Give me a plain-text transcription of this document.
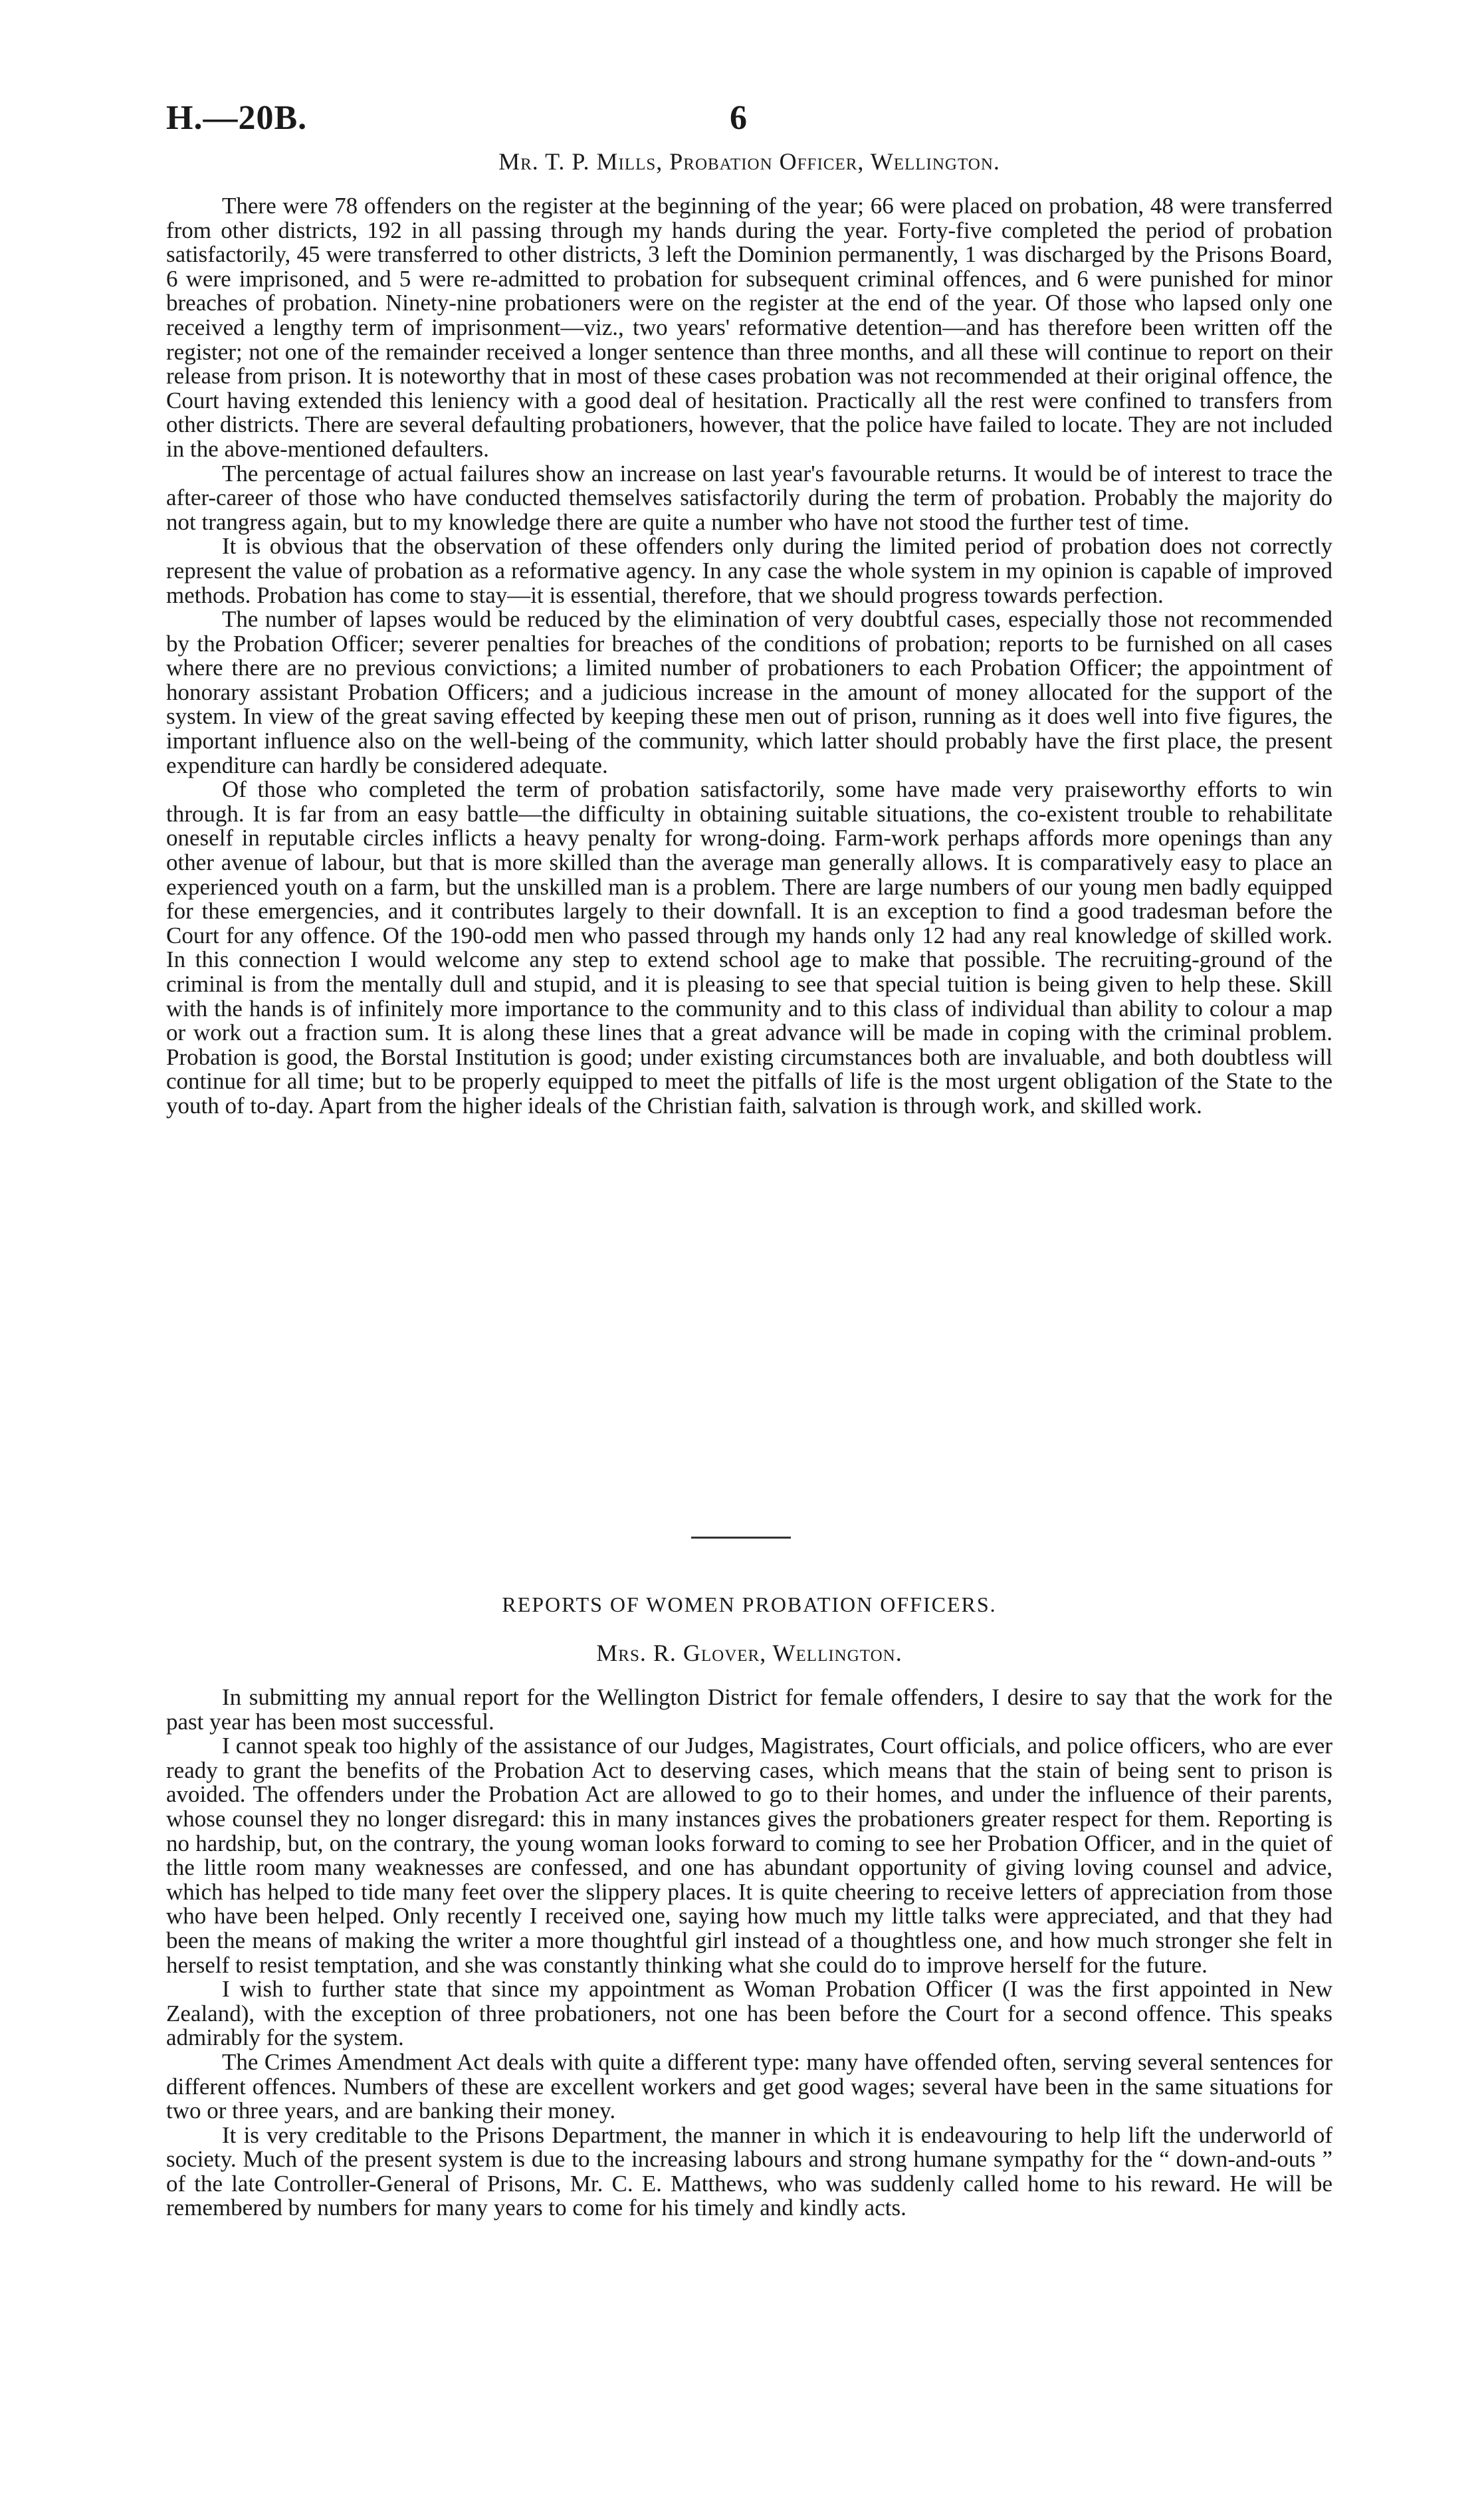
H.—20B.	6
Mr. T. P. Mills, Probation Officer, Wellington.

There were 78 offenders on the register at the beginning of the year; 66 were placed on probation, 48 were transferred from other districts, 192 in all passing through my hands during the year. Forty-five completed the period of probation satisfactorily, 45 were transferred to other districts, 3 left the Dominion permanently, 1 was discharged by the Prisons Board, 6 were imprisoned, and 5 were re-admitted to probation for subsequent criminal offences, and 6 were punished for minor breaches of probation. Ninety-nine probationers were on the register at the end of the year. Of those who lapsed only one received a lengthy term of imprisonment—viz., two years' reformative detention—and has therefore been written off the register; not one of the remainder received a longer sentence than three months, and all these will continue to report on their release from prison. It is noteworthy that in most of these cases probation was not recommended at their original offence, the Court having extended this leniency with a good deal of hesitation. Practically all the rest were confined to transfers from other districts. There are several defaulting probationers, however, that the police have failed to locate. They are not included in the above-mentioned defaulters.

The percentage of actual failures show an increase on last year's favourable returns. It would be of interest to trace the after-career of those who have conducted themselves satisfactorily during the term of probation. Probably the majority do not trangress again, but to my knowledge there are quite a number who have not stood the further test of time.

It is obvious that the observation of these offenders only during the limited period of probation does not correctly represent the value of probation as a reformative agency. In any case the whole system in my opinion is capable of improved methods. Probation has come to stay—it is essential, therefore, that we should progress towards perfection.

The number of lapses would be reduced by the elimination of very doubtful cases, especially those not recommended by the Probation Officer; severer penalties for breaches of the conditions of probation; reports to be furnished on all cases where there are no previous convictions; a limited number of probationers to each Probation Officer; the appointment of honorary assistant Probation Officers; and a judicious increase in the amount of money allocated for the support of the system. In view of the great saving effected by keeping these men out of prison, running as it does well into five figures, the important influence also on the well-being of the community, which latter should probably have the first place, the present expenditure can hardly be considered adequate.

Of those who completed the term of probation satisfactorily, some have made very praiseworthy efforts to win through. It is far from an easy battle—the difficulty in obtaining suitable situations, the co-existent trouble to rehabilitate oneself in reputable circles inflicts a heavy penalty for wrong-doing. Farm-work perhaps affords more openings than any other avenue of labour, but that is more skilled than the average man generally allows. It is comparatively easy to place an experienced youth on a farm, but the unskilled man is a problem. There are large numbers of our young men badly equipped for these emergencies, and it contributes largely to their downfall. It is an exception to find a good tradesman before the Court for any offence. Of the 190-odd men who passed through my hands only 12 had any real knowledge of skilled work. In this connection I would welcome any step to extend school age to make that possible. The recruiting-ground of the criminal is from the mentally dull and stupid, and it is pleasing to see that special tuition is being given to help these. Skill with the hands is of infinitely more importance to the community and to this class of individual than ability to colour a map or work out a fraction sum. It is along these lines that a great advance will be made in coping with the criminal problem. Probation is good, the Borstal Institution is good; under existing circumstances both are invaluable, and both doubtless will continue for all time; but to be properly equipped to meet the pitfalls of life is the most urgent obligation of the State to the youth of to-day. Apart from the higher ideals of the Christian faith, salvation is through work, and skilled work.

REPORTS OF WOMEN PROBATION OFFICERS.
Mrs. R. Glover, Wellington.

In submitting my annual report for the Wellington District for female offenders, I desire to say that the work for the past year has been most successful.

I cannot speak too highly of the assistance of our Judges, Magistrates, Court officials, and police officers, who are ever ready to grant the benefits of the Probation Act to deserving cases, which means that the stain of being sent to prison is avoided. The offenders under the Probation Act are allowed to go to their homes, and under the influence of their parents, whose counsel they no longer disregard: this in many instances gives the probationers greater respect for them. Reporting is no hardship, but, on the contrary, the young woman looks forward to coming to see her Probation Officer, and in the quiet of the little room many weaknesses are confessed, and one has abundant opportunity of giving loving counsel and advice, which has helped to tide many feet over the slippery places. It is quite cheering to receive letters of appreciation from those who have been helped. Only recently I received one, saying how much my little talks were appreciated, and that they had been the means of making the writer a more thoughtful girl instead of a thoughtless one, and how much stronger she felt in herself to resist temptation, and she was constantly thinking what she could do to improve herself for the future.

I wish to further state that since my appointment as Woman Probation Officer (I was the first appointed in New Zealand), with the exception of three probationers, not one has been before the Court for a second offence. This speaks admirably for the system.

The Crimes Amendment Act deals with quite a different type: many have offended often, serving several sentences for different offences. Numbers of these are excellent workers and get good wages; several have been in the same situations for two or three years, and are banking their money.

It is very creditable to the Prisons Department, the manner in which it is endeavouring to help lift the underworld of society. Much of the present system is due to the increasing labours and strong humane sympathy for the “ down-and-outs ” of the late Controller-General of Prisons, Mr. C. E. Matthews, who was suddenly called home to his reward. He will be remembered by numbers for many years to come for his timely and kindly acts.
